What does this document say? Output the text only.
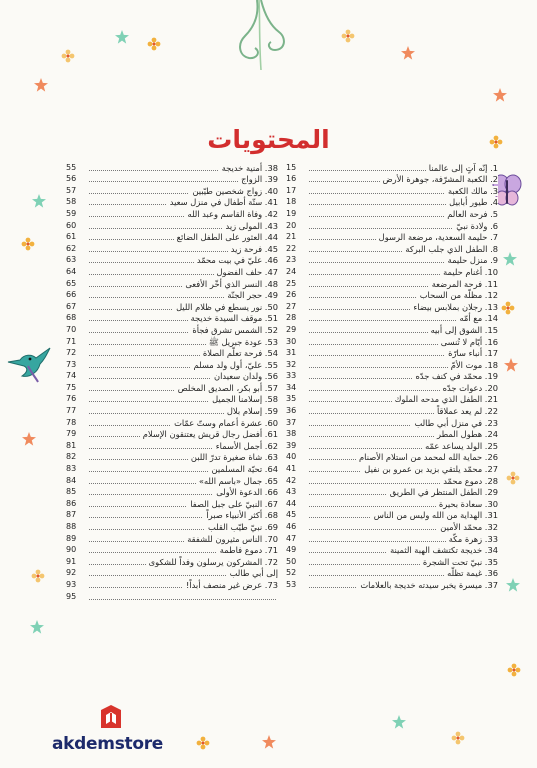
المحتويات
1. إنّه آتٍ إلى عالمنا
15
2. الكعبة المشرّفة، جوهرة الأرض
16
3. مالك الكعبة
17
4. طيور أبابيل
18
5. فرحة العالم
19
6. ولادة نبيّ
20
7. حليمة السعدية، مرضعة الرسول
21
8. الطفل الذي جلب البركة
22
9. منزل حليمة
23
10. أغنام حليمة
24
11. فرحة المرضعة
25
12. مظلّة من السحاب
26
13. رجلان بملابس بيضاء
27
14. مع أمّه
28
15. الشوق إلى أبيه
29
16. أيّام لا تُنسى
30
17. أنباء سارّة
31
18. موت الأمّ
32
19. محمّد في كنف جدّه
33
20. دعوات جدّه
34
21. الطفل الذي مدحه الملوك
35
22. لم يعد عملاقاً
36
23. في منزل أبي طالب
37
24. هطول المطر
38
25. الولد يساعد عمّه
39
26. حماية الله لمحمد من استلام الأصنام
40
27. محمّد يلتقي بزيد بن عمرو بن نفيل
41
28. دموع محمّد
42
29. الطفل المنتظر في الطريق
43
30. سعادة بحيرة
44
31. الهداية من الله وليس من الناس
45
32. محمّد الأمين
46
33. زهرة مكّة
47
34. خديجة تكتشف الهبة الثمينة
49
35. نبيّ تحت الشجرة
50
36. غيمة تظلّه
52
37. ميسرة يخبر سيدته خديجة بالعلامات
53
38. أمنية خديجة
55
39. الزواج
56
40. زواج شخصين طيّبين
57
41. ستّة أطفال في منزل سعيد
58
42. وفاة القاسم وعبد الله
59
43. المولى زيد
60
44. العثور على الطفل الضائع
61
45. فرحة زيد
62
46. عليّ في بيت محمّد
63
47. حلف الفضول
64
48. النسر الذي أخّر الأفعى
65
49. حجر الجنّة
66
50. نور يسطع في ظلام الليل
67
51. موقف السيدة خديجة
68
52. الشمس تشرق فجأة
70
53. عودة جبريل ﷺ
71
54. فرحة تعلّم الصلاة
72
55. عليّ، أول ولد مسلم
73
56. ولدان سعيدان
74
57. أبو بكر، الصديق المخلص
75
58. إسلامنا الجميل
76
59. إسلام بلال
77
60. عشرة أعمام وستّ عمّات
78
61. أفضل رجال قريش يعتنقون الإسلام
79
62. أجمل الأسماء
81
63. شاة صغيرة تدرّ اللبن
82
64. تحيّة المسلمين
83
65. جمال «باسم الله»
84
66. الدعوة الأولى
85
67. النبيّ على جبل الصفا
86
68. أكثر الأنبياء صبراً
87
69. نبيّ طيّب القلب
88
70. الناس مثيرون للشفقة
89
71. دموع فاطمة
90
72. المشركون يرسلون وفداً للشكوى
91
إلى أبي طالب
92
73. عرض غير منصف أبداً!
93
95
akdemstore
